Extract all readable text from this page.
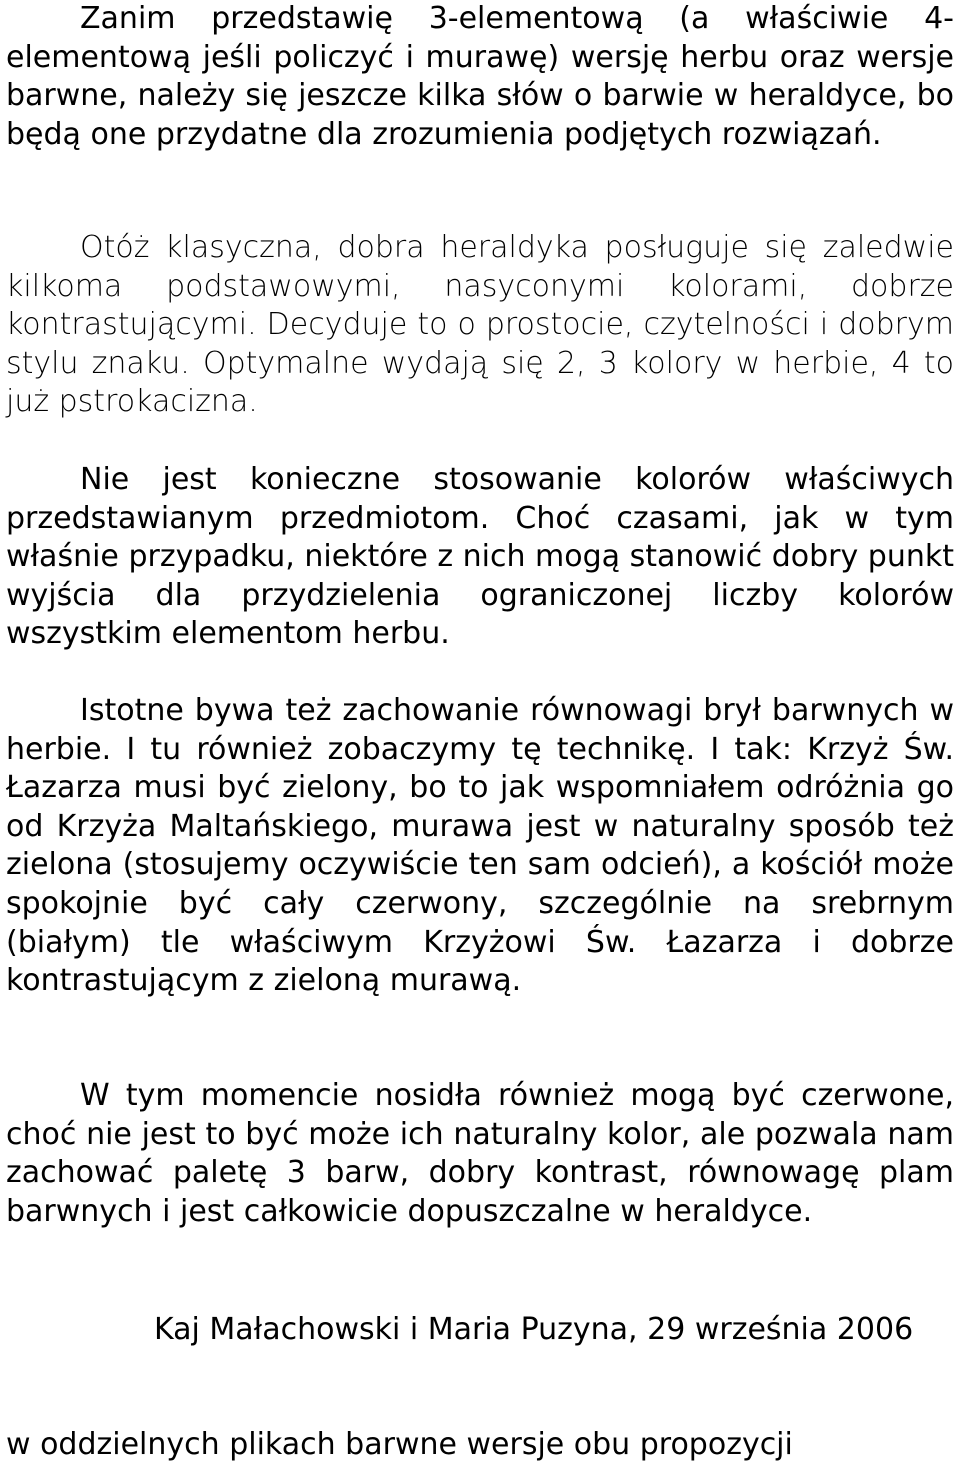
Zanim przedstawię 3-elementową (a właściwie 4-elementową jeśli policzyć i murawę) wersję herbu oraz wersje barwne, należy się jeszcze kilka słów o barwie w heraldyce, bo będą one przydatne dla zrozumienia podjętych rozwiązań.

Otóż klasyczna, dobra heraldyka posługuje się zaledwie kilkoma podstawowymi, nasyconymi kolorami, dobrze kontrastującymi. Decyduje to o prostocie, czytelności i dobrym stylu znaku. Optymalne wydają się 2, 3 kolory w herbie, 4 to już pstrokacizna.

Nie jest konieczne stosowanie kolorów właściwych przedstawianym przedmiotom. Choć czasami, jak w tym właśnie przypadku, niektóre z nich mogą stanowić dobry punkt wyjścia dla przydzielenia ograniczonej liczby kolorów wszystkim elementom herbu.

Istotne bywa też zachowanie równowagi brył barwnych w herbie. I tu również zobaczymy tę technikę. I tak: Krzyż Św. Łazarza musi być zielony, bo to jak wspomniałem odróżnia go od Krzyża Maltańskiego, murawa jest w naturalny sposób też zielona (stosujemy oczywiście ten sam odcień), a kościół może spokojnie być cały czerwony, szczególnie na srebrnym (białym) tle właściwym Krzyżowi Św. Łazarza i dobrze kontrastującym z zieloną murawą.

W tym momencie nosidła również mogą być czerwone, choć nie jest to być może ich naturalny kolor, ale pozwala nam zachować paletę 3 barw, dobry kontrast, równowagę plam barwnych i jest całkowicie dopuszczalne w heraldyce.

Kaj Małachowski i Maria Puzyna, 29 września 2006

w oddzielnych plikach barwne wersje obu propozycji
